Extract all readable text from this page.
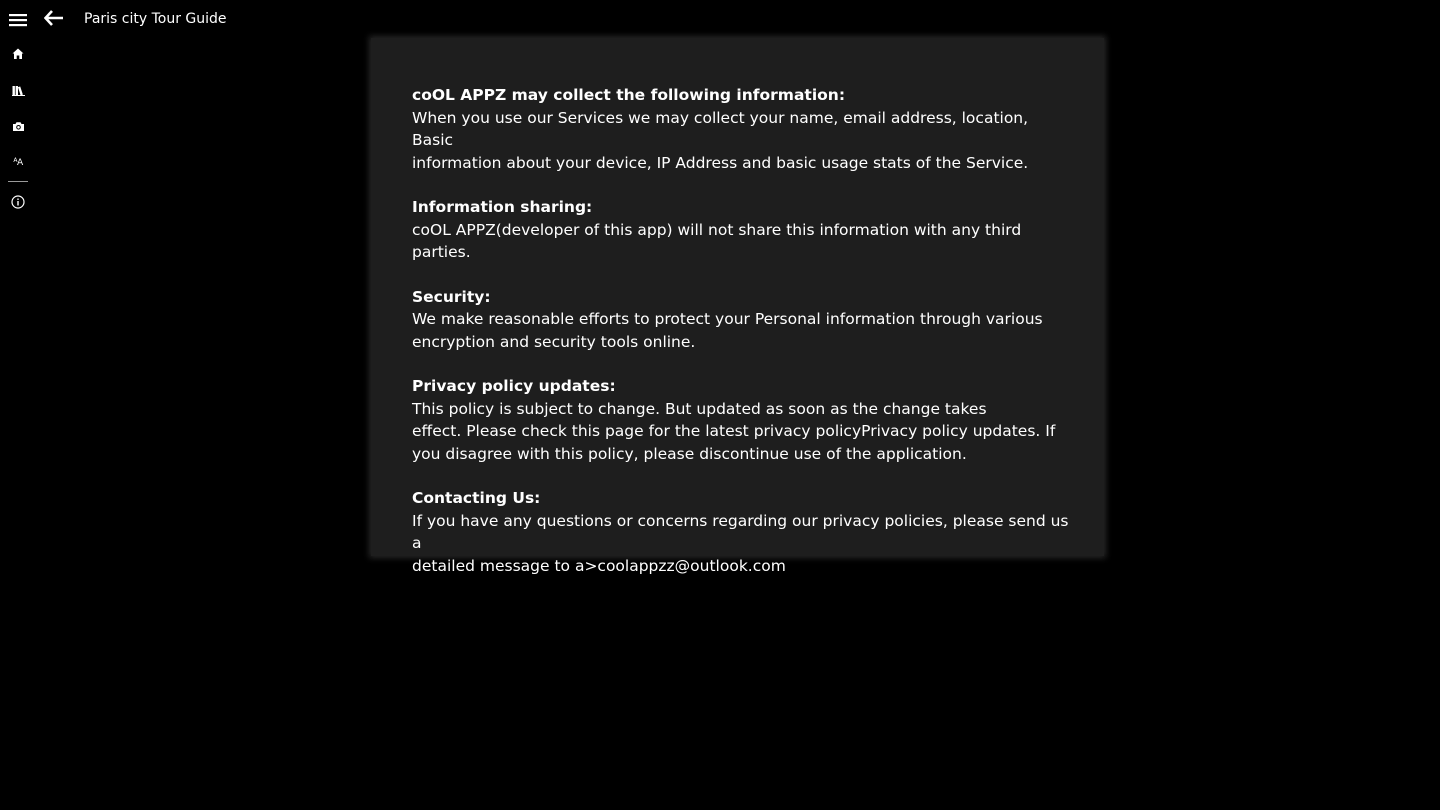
Paris city Tour Guide
$^A$A
coOL APPZ may collect the following information:
When you use our Services we may collect your name, email address, location, Basic
information about your device, IP Address and basic usage stats of the Service.
Information sharing:
coOL APPZ(developer of this app) will not share this information with any third
parties.
Security:
We make reasonable efforts to protect your Personal information through various
encryption and security tools online.
Privacy policy updates:
This policy is subject to change. But updated as soon as the change takes
effect. Please check this page for the latest privacy policyPrivacy policy updates. If
you disagree with this policy, please discontinue use of the application.
Contacting Us:
If you have any questions or concerns regarding our privacy policies, please send us a
detailed message to a>coolappzz@outlook.com
